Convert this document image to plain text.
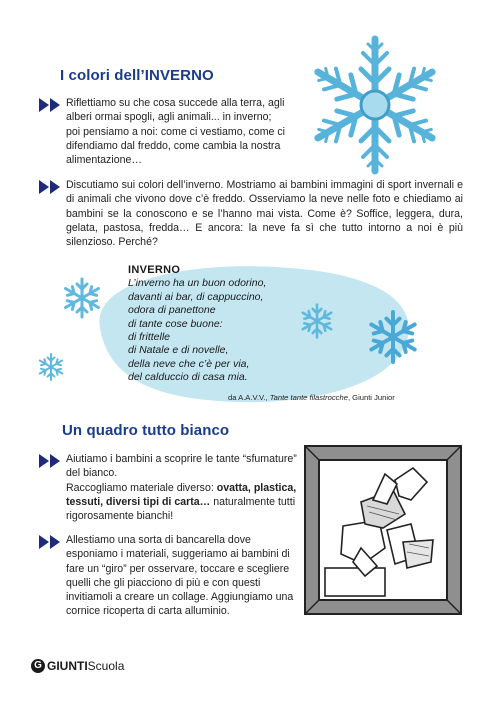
I colori dell’INVERNO
Riflettiamo su che cosa succede alla terra, agli alberi ormai spogli, agli animali... in inverno; poi pensiamo a noi: come ci vestiamo, come ci difendiamo dal freddo, come cambia la nostra alimentazione…
Discutiamo sui colori dell’inverno. Mostriamo ai bambini immagini di sport invernali e di animali che vivono dove c’è freddo. Osserviamo la neve nelle foto e chiediamo ai bambini se la conoscono e se l’hanno mai vista. Come è? Soffice, leggera, dura, gelata, pastosa, fredda… E ancora: la neve fa sì che tutto intorno a noi è più silenzioso. Perché?
INVERNO
L’inverno ha un buon odorino,
davanti ai bar, di cappuccino,
odora di panettone
di tante cose buone:
di frittelle
di Natale e di novelle,
della neve che c’è per via,
del calduccio di casa mia.
da A.A.V.V., Tante tante filastrocche, Giunti Junior
Un quadro tutto bianco
Aiutiamo i bambini a scoprire le tante “sfumature” del bianco.
Raccogliamo materiale diverso: ovatta, plastica, tessuti, diversi tipi di carta… naturalmente tutti rigorosamente bianchi!
Allestiamo una sorta di bancarella dove esponiamo i materiali, suggeriamo ai bambini di fare un “giro” per osservare, toccare e scegliere quelli che gli piacciono di più e con questi invitiamoli a creare un collage. Aggiungiamo una cornice ricoperta di carta alluminio.
G GIUNTI Scuola
